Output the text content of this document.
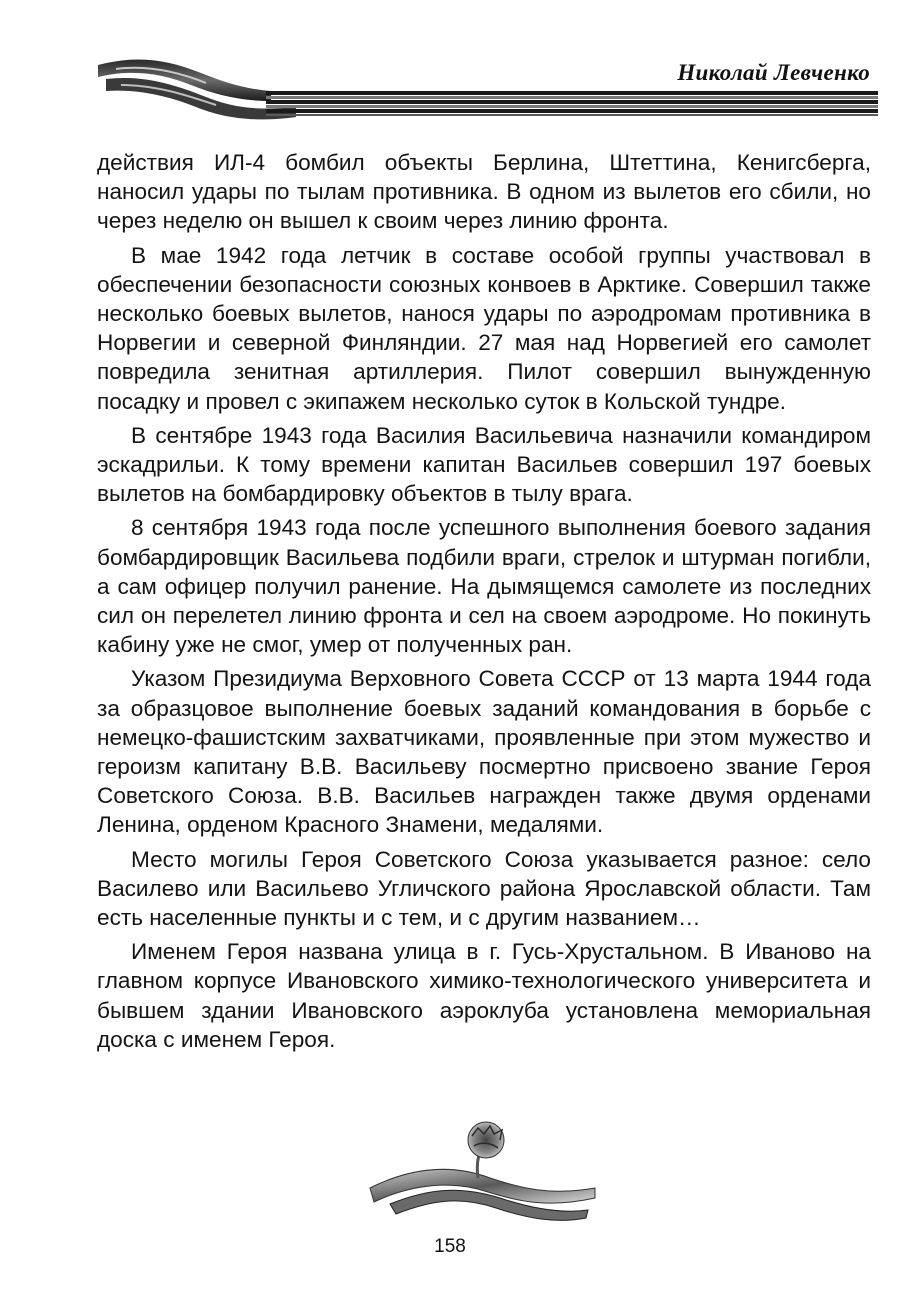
Николай Левченко

действия ИЛ-4 бомбил объекты Берлина, Штеттина, Кенигсберга, наносил удары по тылам противника. В одном из вылетов его сбили, но через неделю он вышел к своим через линию фронта.

В мае 1942 года летчик в составе особой группы участвовал в обеспечении безопасности союзных конвоев в Арктике. Совершил также несколько боевых вылетов, нанося удары по аэродромам противника в Норвегии и северной Финляндии. 27 мая над Норвегией его самолет повредила зенитная артиллерия. Пилот совершил вынужденную посадку и провел с экипажем несколько суток в Кольской тундре.

В сентябре 1943 года Василия Васильевича назначили командиром эскадрильи. К тому времени капитан Васильев совершил 197 боевых вылетов на бомбардировку объектов в тылу врага.

8 сентября 1943 года после успешного выполнения боевого задания бомбардировщик Васильева подбили враги, стрелок и штурман погибли, а сам офицер получил ранение. На дымящемся самолете из последних сил он перелетел линию фронта и сел на своем аэродроме. Но покинуть кабину уже не смог, умер от полученных ран.

Указом Президиума Верховного Совета СССР от 13 марта 1944 года за образцовое выполнение боевых заданий командования в борьбе с немецко-фашистским захватчиками, проявленные при этом мужество и героизм капитану В.В. Васильеву посмертно присвоено звание Героя Советского Союза. В.В. Васильев награжден также двумя орденами Ленина, орденом Красного Знамени, медалями.

Место могилы Героя Советского Союза указывается разное: село Василево или Васильево Угличского района Ярославской области. Там есть населенные пункты и с тем, и с другим названием…

Именем Героя названа улица в г. Гусь-Хрустальном. В Иваново на главном корпусе Ивановского химико-технологического университета и бывшем здании Ивановского аэроклуба установлена мемориальная доска с именем Героя.

158
